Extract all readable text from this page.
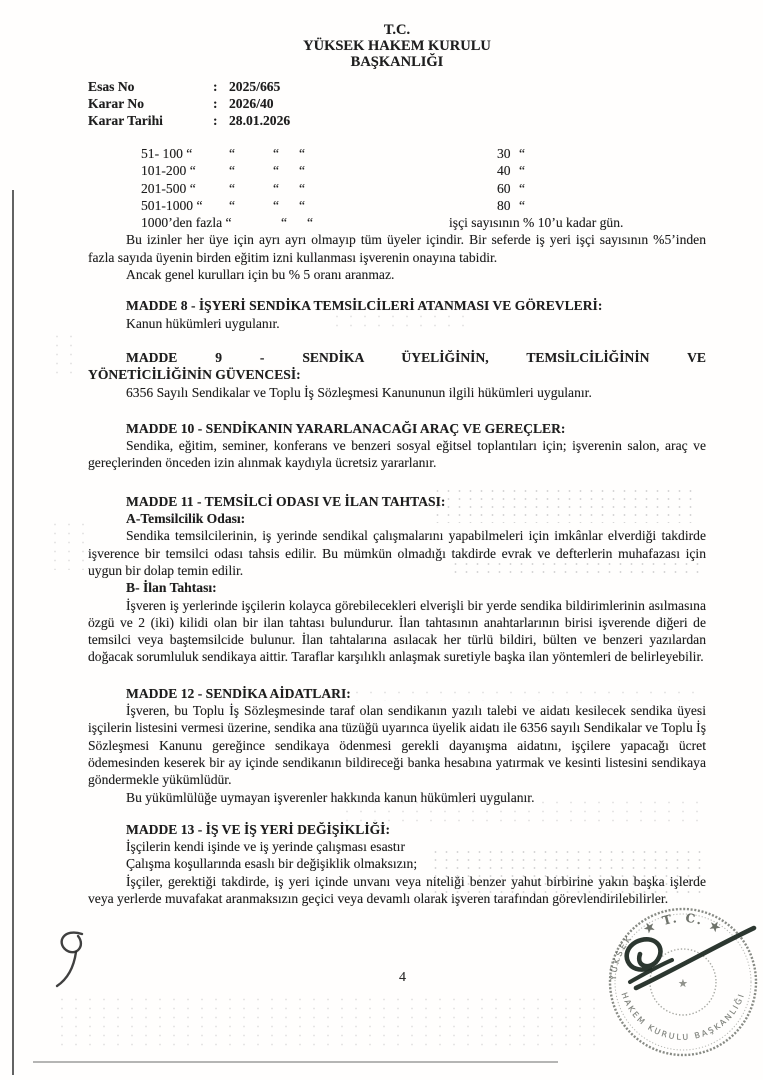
T.C.
YÜKSEK HAKEM KURULU
BAŞKANLIĞI
Esas No	: 2025/665
Karar No	: 2026/40
Karar Tarihi	: 28.01.2026
51- 100 “	“	“ “	30 “
101-200 “ “	“ “	40 “
201-500 “ “	“ “	60 “
501-1000 “ “	“ “	80 “
1000’den fazla “	“ “	işçi sayısının % 10’u kadar gün.
Bu izinler her üye için ayrı ayrı olmayıp tüm üyeler içindir. Bir seferde iş yeri işçi sayısının %5’inden fazla sayıda üyenin birden eğitim izni kullanması işverenin onayına tabidir.
Ancak genel kurulları için bu % 5 oranı aranmaz.
MADDE 8 - İŞYERİ SENDİKA TEMSİLCİLERİ ATANMASI VE GÖREVLERİ:
Kanun hükümleri uygulanır.
MADDE 9 - SENDİKA ÜYELİĞİNİN, TEMSİLCİLİĞİNİN VE
YÖNETİCİLİĞİNİN GÜVENCESİ:
6356 Sayılı Sendikalar ve Toplu İş Sözleşmesi Kanununun ilgili hükümleri uygulanır.
MADDE 10 - SENDİKANIN YARARLANACAĞI ARAÇ VE GEREÇLER:
Sendika, eğitim, seminer, konferans ve benzeri sosyal eğitsel toplantıları için; işverenin salon, araç ve gereçlerinden önceden izin alınmak kaydıyla ücretsiz yararlanır.
MADDE 11 - TEMSİLCİ ODASI VE İLAN TAHTASI:
A-Temsilcilik Odası:
Sendika temsilcilerinin, iş yerinde sendikal çalışmalarını yapabilmeleri için imkânlar elverdiği takdirde işverence bir temsilci odası tahsis edilir. Bu mümkün olmadığı takdirde evrak ve defterlerin muhafazası için uygun bir dolap temin edilir.
B- İlan Tahtası:
İşveren iş yerlerinde işçilerin kolayca görebilecekleri elverişli bir yerde sendika bildirimlerinin asılmasına özgü ve 2 (iki) kilidi olan bir ilan tahtası bulundurur. İlan tahtasının anahtarlarının birisi işverende diğeri de temsilci veya baştemsilcide bulunur. İlan tahtalarına asılacak her türlü bildiri, bülten ve benzeri yazılardan doğacak sorumluluk sendikaya aittir. Taraflar karşılıklı anlaşmak suretiyle başka ilan yöntemleri de belirleyebilir.
MADDE 12 - SENDİKA AİDATLARI:
İşveren, bu Toplu İş Sözleşmesinde taraf olan sendikanın yazılı talebi ve aidatı kesilecek sendika üyesi işçilerin listesini vermesi üzerine, sendika ana tüzüğü uyarınca üyelik aidatı ile 6356 sayılı Sendikalar ve Toplu İş Sözleşmesi Kanunu gereğince sendikaya ödenmesi gerekli dayanışma aidatını, işçilere yapacağı ücret ödemesinden keserek bir ay içinde sendikanın bildireceği banka hesabına yatırmak ve kesinti listesini sendikaya göndermekle yükümlüdür.
Bu yükümlülüğe uymayan işverenler hakkında kanun hükümleri uygulanır.
MADDE 13 - İŞ VE İŞ YERİ DEĞİŞİKLİĞİ:
İşçilerin kendi işinde ve iş yerinde çalışması esastır
Çalışma koşullarında esaslı bir değişiklik olmaksızın;
İşçiler, gerektiği takdirde, iş yeri içinde unvanı veya niteliği benzer yahut birbirine yakın başka işlerde veya yerlerde muvafakat aranmaksızın geçici veya devamlı olarak işveren tarafından görevlendirilebilirler.
4	★
★ T. C. ★
YÜKSEK
HAKEM KURULU BAŞKANLIĞI
